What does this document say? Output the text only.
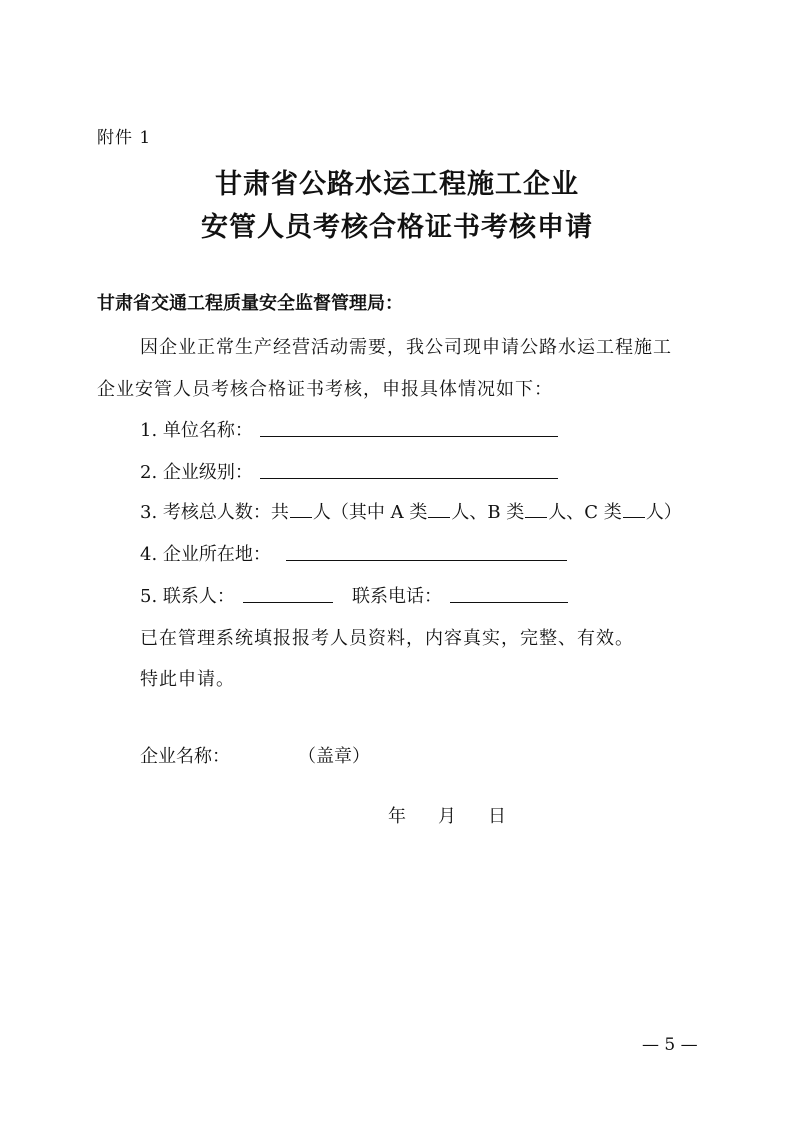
附件 1
甘肃省公路水运工程施工企业
安管人员考核合格证书考核申请
甘肃省交通工程质量安全监督管理局：
因企业正常生产经营活动需要，我公司现申请公路水运工程施工
企业安管人员考核合格证书考核，申报具体情况如下：
1. 单位名称：
2. 企业级别：
3. 考核总人数：共 人（其中 A 类 人、B 类 人、C 类 人）
4. 企业所在地：
5. 联系人：	联系电话：
已在管理系统填报报考人员资料，内容真实，完整、有效。
特此申请。
企业名称：	（盖章）
年 月 日
— 5 —
